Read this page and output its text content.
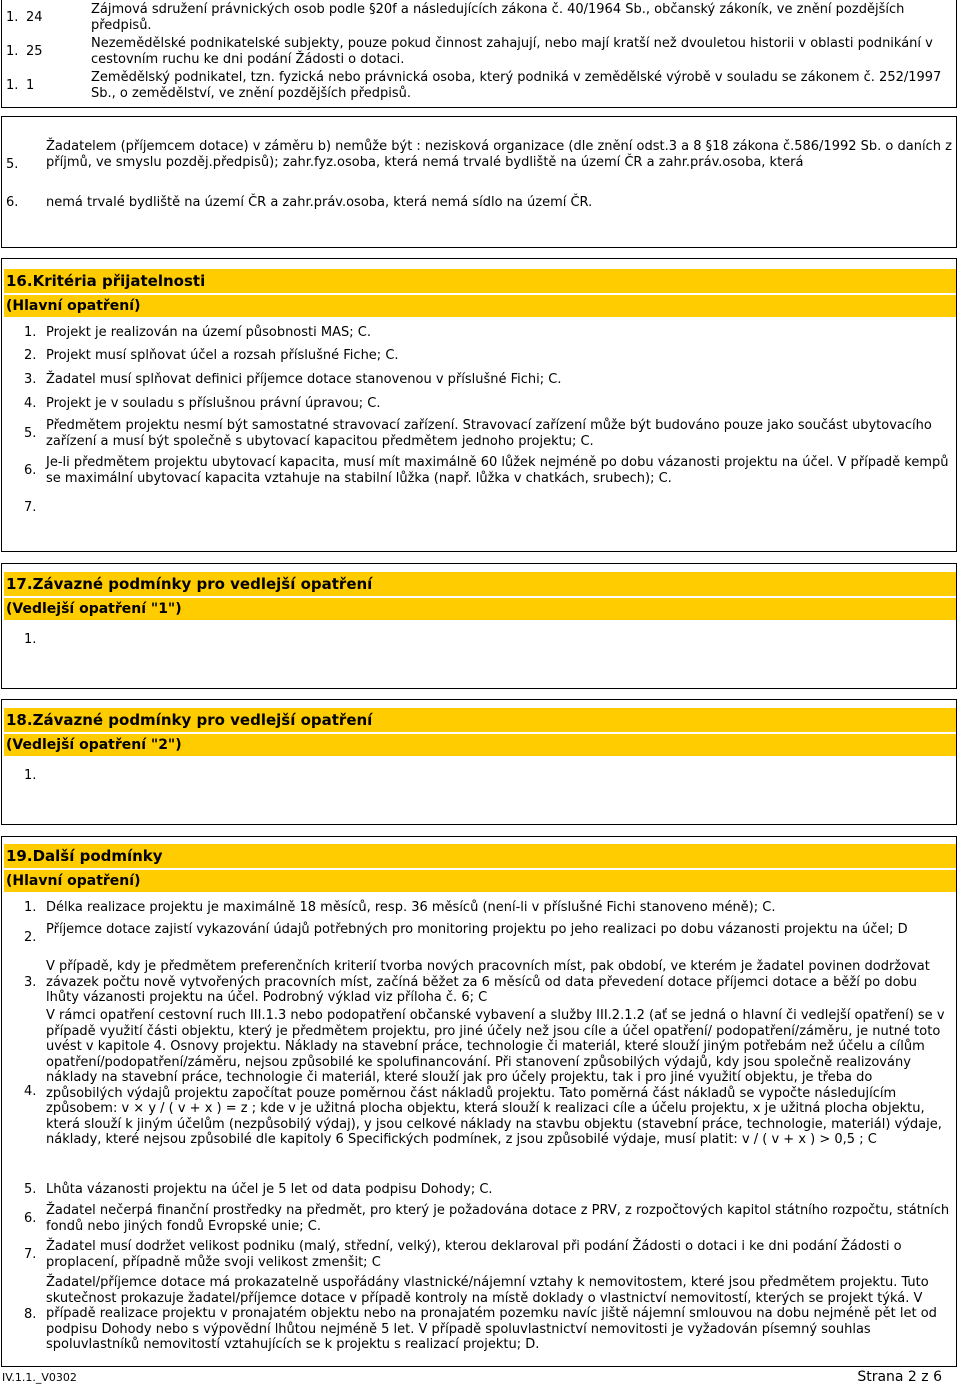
1. 24
Zájmová sdružení právnických osob podle §20f a následujících zákona č. 40/1964 Sb., občanský zákoník, ve znění pozdějších předpisů.
1. 25
Nezemědělské podnikatelské subjekty, pouze pokud činnost zahajují, nebo mají kratší než dvouletou historii v oblasti podnikání v cestovním ruchu ke dni podání Žádosti o dotaci.
1. 1
Zemědělský podnikatel, tzn. fyzická nebo právnická osoba, který podniká v zemědělské výrobě v souladu se zákonem č. 252/1997 Sb., o zemědělství, ve znění pozdějších předpisů.
5.
Žadatelem (příjemcem dotace) v záměru b) nemůže být : nezisková organizace (dle znění odst.3 a 8 §18 zákona č.586/1992 Sb. o daních z příjmů, ve smyslu pozděj.předpisů); zahr.fyz.osoba, která nemá trvalé bydliště na území ČR a zahr.práv.osoba, která
6. nemá trvalé bydliště na území ČR a zahr.práv.osoba, která nemá sídlo na území ČR.
16.Kritéria přijatelnosti
(Hlavní opatření)
1. Projekt je realizován na území působnosti MAS; C.
2. Projekt musí splňovat účel a rozsah příslušné Fiche; C.
3. Žadatel musí splňovat definici příjemce dotace stanovenou v příslušné Fichi; C.
4. Projekt je v souladu s příslušnou právní úpravou; C.
5.
Předmětem projektu nesmí být samostatné stravovací zařízení. Stravovací zařízení může být budováno pouze jako součást ubytovacího zařízení a musí být společně s ubytovací kapacitou předmětem jednoho projektu; C.
6.
Je-li předmětem projektu ubytovací kapacita, musí mít maximálně 60 lůžek nejméně po dobu vázanosti projektu na účel. V případě kempů se maximální ubytovací kapacita vztahuje na stabilní lůžka (např. lůžka v chatkách, srubech); C.
7.
17.Závazné podmínky pro vedlejší opatření
(Vedlejší opatření "1")
1.
18.Závazné podmínky pro vedlejší opatření
(Vedlejší opatření "2")
1.
19.Další podmínky
(Hlavní opatření)
1. Délka realizace projektu je maximálně 18 měsíců, resp. 36 měsíců (není-li v příslušné Fichi stanoveno méně); C.
2.
Příjemce dotace zajistí vykazování údajů potřebných pro monitoring projektu po jeho realizaci po dobu vázanosti projektu na účel; D
3.
V případě, kdy je předmětem preferenčních kriterií tvorba nových pracovních míst, pak období, ve kterém je žadatel povinen dodržovat závazek počtu nově vytvořených pracovních míst, začíná běžet za 6 měsíců od data převedení dotace příjemci dotace a běží po dobu lhůty vázanosti projektu na účel. Podrobný výklad viz příloha č. 6; C
4.
V rámci opatření cestovní ruch III.1.3 nebo podopatření občanské vybavení a služby III.2.1.2 (ať se jedná o hlavní či vedlejší opatření) se v případě využití části objektu, který je předmětem projektu, pro jiné účely než jsou cíle a účel opatření/ podopatření/záměru, je nutné toto uvést v kapitole 4. Osnovy projektu. Náklady na stavební práce, technologie či materiál, které slouží jiným potřebám než účelu a cílům opatření/podopatření/záměru, nejsou způsobilé ke spolufinancování. Při stanovení způsobilých výdajů, kdy jsou společně realizovány náklady na stavební práce, technologie či materiál, které slouží jak pro účely projektu, tak i pro jiné využití objektu, je třeba do způsobilých výdajů projektu započítat pouze poměrnou část nákladů projektu. Tato poměrná část nákladů se vypočte následujícím způsobem: v × y / ( v + x ) = z ; kde v je užitná plocha objektu, která slouží k realizaci cíle a účelu projektu, x je užitná plocha objektu, která slouží k jiným účelům (nezpůsobilý výdaj), y jsou celkové náklady na stavbu objektu (stavební práce, technologie, materiál) výdaje, náklady, které nejsou způsobilé dle kapitoly 6 Specifických podmínek, z jsou způsobilé výdaje, musí platit: v / ( v + x ) > 0,5 ; C
5. Lhůta vázanosti projektu na účel je 5 let od data podpisu Dohody; C.
6.
Žadatel nečerpá finanční prostředky na předmět, pro který je požadována dotace z PRV, z rozpočtových kapitol státního rozpočtu, státních fondů nebo jiných fondů Evropské unie; C.
7.
Žadatel musí dodržet velikost podniku (malý, střední, velký), kterou deklaroval při podání Žádosti o dotaci i ke dni podání Žádosti o proplacení, případně může svoji velikost zmenšit; C
8.
Žadatel/příjemce dotace má prokazatelně uspořádány vlastnické/nájemní vztahy k nemovitostem, které jsou předmětem projektu. Tuto skutečnost prokazuje žadatel/příjemce dotace v případě kontroly na místě doklady o vlastnictví nemovitostí, kterých se projekt týká. V případě realizace projektu v pronajatém objektu nebo na pronajatém pozemku navíc jiště nájemní smlouvou na dobu nejméně pět let od podpisu Dohody nebo s výpovědní lhůtou nejméně 5 let. V případě spoluvlastnictví nemovitosti je vyžadován písemný souhlas spoluvlastníků nemovitostí vztahujících se k projektu s realizací projektu; D.
IV.1.1._V0302	Strana 2 z 6
